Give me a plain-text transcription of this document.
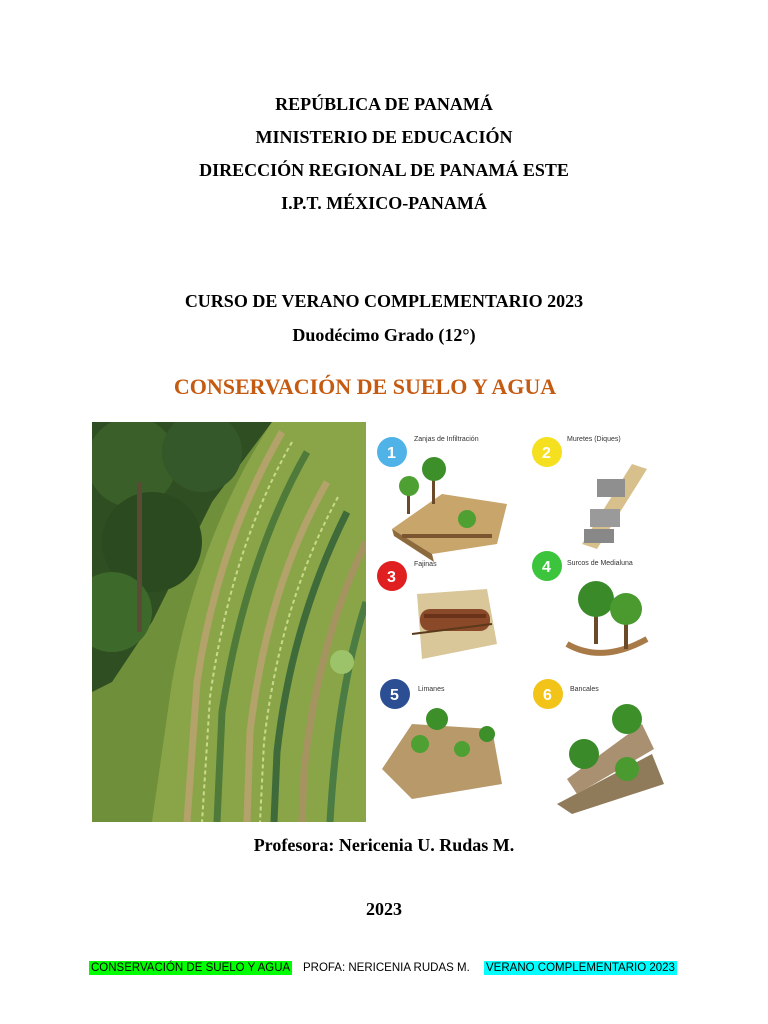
REPÚBLICA DE PANAMÁ
MINISTERIO DE EDUCACIÓN
DIRECCIÓN REGIONAL DE PANAMÁ ESTE
I.P.T. MÉXICO-PANAMÁ
CURSO DE VERANO COMPLEMENTARIO 2023
Duodécimo Grado (12°)
CONSERVACIÓN DE SUELO Y AGUA
1
Zanjas de Infiltración
2
Muretes (Diques)
3
Fajinas	4 Surcos de Medialuna
5	Limanes	6	Bancales
Profesora: Nericenia U. Rudas M.
2023
CONSERVACIÓN DE SUELO Y AGUA PROFA: NERICENIA RUDAS M. VERANO COMPLEMENTARIO 2023
